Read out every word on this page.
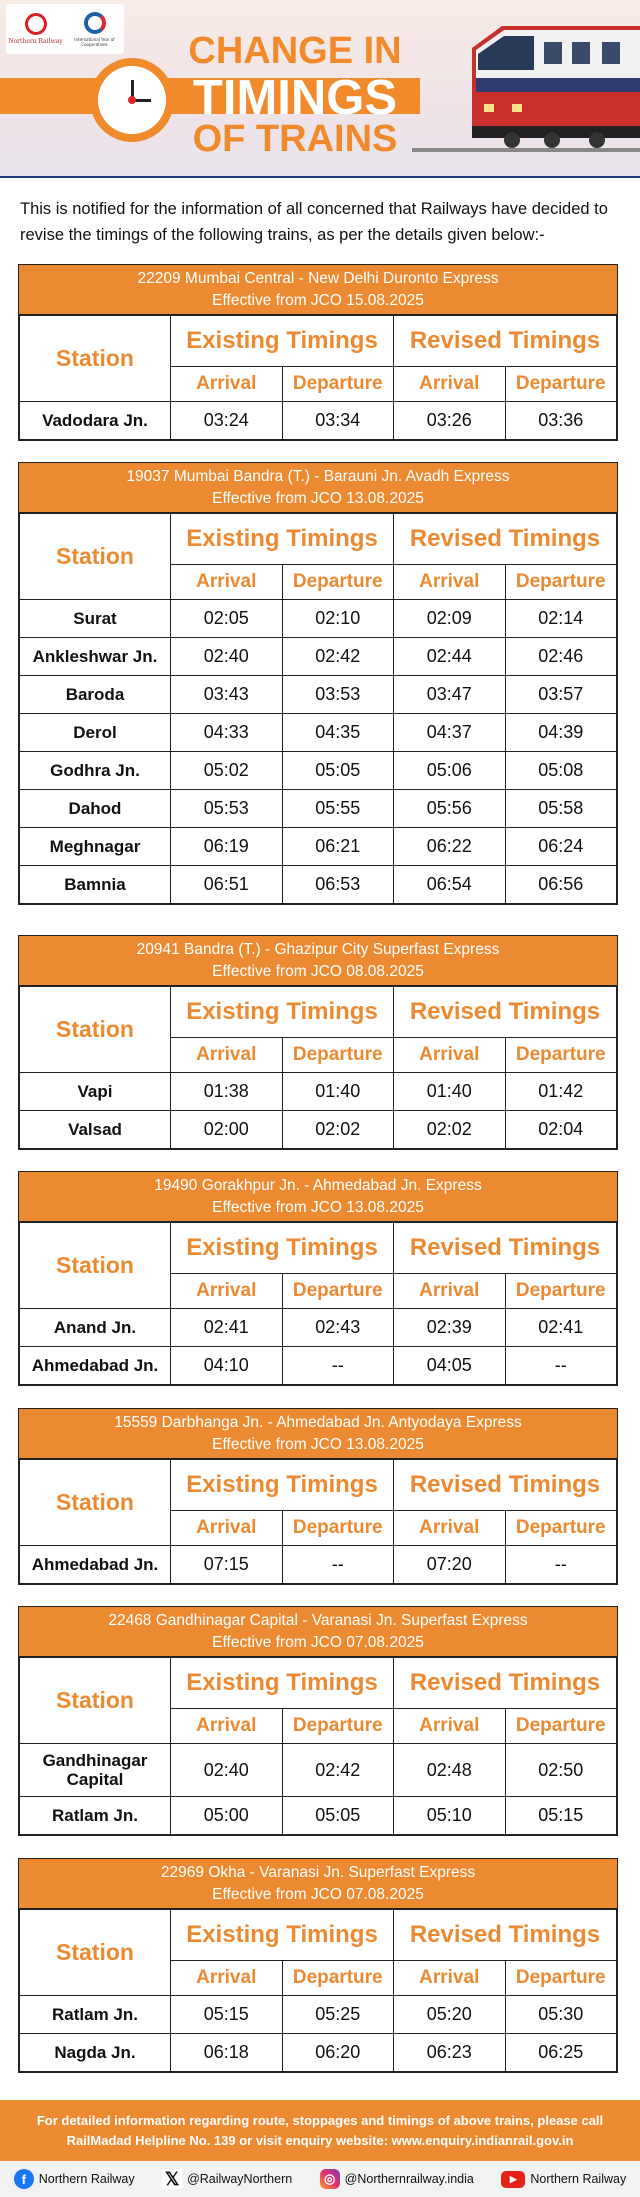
Northern Railway	International Year of Cooperatives	CHANGE IN
TIMINGS
OF TRAINS
This is notified for the information of all concerned that Railways have decided to revise the timings of the following trains, as per the details given below:-
22209 Mumbai Central - New Delhi Duronto Express
Effective from JCO 15.08.2025
Station	Existing Timings		Revised Timings	
	Arrival	Departure	Arrival	Departure
Vadodara Jn.	03:24	03:34	03:26	03:36
19037 Mumbai Bandra (T.) - Barauni Jn. Avadh Express
Effective from JCO 13.08.2025
Station	Existing Timings		Revised Timings	
	Arrival	Departure	Arrival	Departure
Surat	02:05	02:10	02:09	02:14
Ankleshwar Jn.	02:40	02:42	02:44	02:46
Baroda	03:43	03:53	03:47	03:57
Derol	04:33	04:35	04:37	04:39
Godhra Jn.	05:02	05:05	05:06	05:08
Dahod	05:53	05:55	05:56	05:58
Meghnagar	06:19	06:21	06:22	06:24
Bamnia	06:51	06:53	06:54	06:56
20941 Bandra (T.) - Ghazipur City Superfast Express
Effective from JCO 08.08.2025
Station	Existing Timings		Revised Timings	
	Arrival	Departure	Arrival	Departure
Vapi	01:38	01:40	01:40	01:42
Valsad	02:00	02:02	02:02	02:04
19490 Gorakhpur Jn. - Ahmedabad Jn. Express
Effective from JCO 13.08.2025
Station	Existing Timings		Revised Timings	
	Arrival	Departure	Arrival	Departure
Anand Jn.	02:41	02:43	02:39	02:41
Ahmedabad Jn.	04:10	--	04:05	--
15559 Darbhanga Jn. - Ahmedabad Jn. Antyodaya Express
Effective from JCO 13.08.2025
Station	Existing Timings		Revised Timings	
	Arrival	Departure	Arrival	Departure
Ahmedabad Jn.	07:15	--	07:20	--
22468 Gandhinagar Capital - Varanasi Jn. Superfast Express
Effective from JCO 07.08.2025
Station	Existing Timings		Revised Timings	
	Arrival	Departure	Arrival	Departure
Gandhinagar Capital	02:40	02:42	02:48	02:50
Ratlam Jn.	05:00	05:05	05:10	05:15
22969 Okha - Varanasi Jn. Superfast Express
Effective from JCO 07.08.2025
Station	Existing Timings		Revised Timings	
	Arrival	Departure	Arrival	Departure
Ratlam Jn.	05:15	05:25	05:20	05:30
Nagda Jn.	06:18	06:20	06:23	06:25
For detailed information regarding route, stoppages and timings of above trains, please call
RailMadad Helpline No. 139 or visit enquiry website: www.enquiry.indianrail.gov.in
f	Northern Railway 𝕏 @RailwayNorthern	◎ @Northernrailway.india	▶	Northern Railway
